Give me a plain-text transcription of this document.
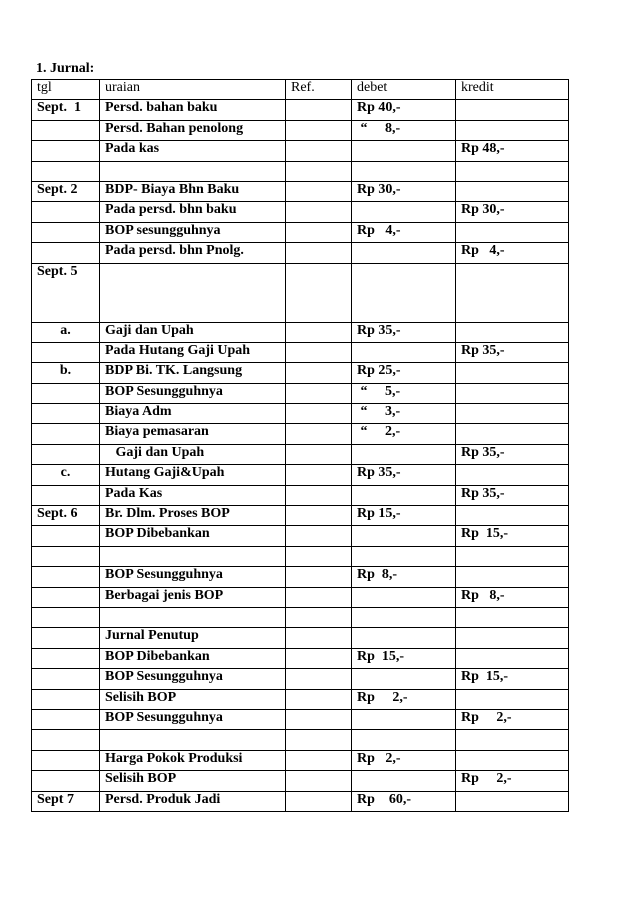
1. Jurnal:
tgl	uraian	Ref.	debet	kredit
Sept.  1	Persd. bahan baku		Rp 40,-	
	Persd. Bahan penolong		“     8,-	
	Pada kas			Rp 48,-

Sept. 2	BDP- Biaya Bhn Baku		Rp 30,-	
	Pada persd. bhn baku			Rp 30,-
	BOP sesungguhnya		Rp   4,-	
	Pada persd. bhn Pnolg.			Rp   4,-
Sept. 5				
a.	Gaji dan Upah		Rp 35,-	
	Pada Hutang Gaji Upah			Rp 35,-
b.	BDP Bi. TK. Langsung		Rp 25,-	
	BOP Sesungguhnya		“     5,-	
	Biaya Adm		“     3,-	
	Biaya pemasaran		“     2,-	
	Gaji dan Upah			Rp 35,-
c.	Hutang Gaji&Upah		Rp 35,-	
	Pada Kas			Rp 35,-
Sept. 6	Br. Dlm. Proses BOP		Rp 15,-	
	BOP Dibebankan			Rp  15,-

	BOP Sesungguhnya		Rp  8,-	
	Berbagai jenis BOP			Rp   8,-

	Jurnal Penutup			
	BOP Dibebankan		Rp  15,-	
	BOP Sesungguhnya			Rp  15,-
	Selisih BOP		Rp     2,-	
	BOP Sesungguhnya			Rp     2,-

	Harga Pokok Produksi		Rp   2,-	
	Selisih BOP			Rp     2,-
Sept 7	Persd. Produk Jadi		Rp    60,-	
